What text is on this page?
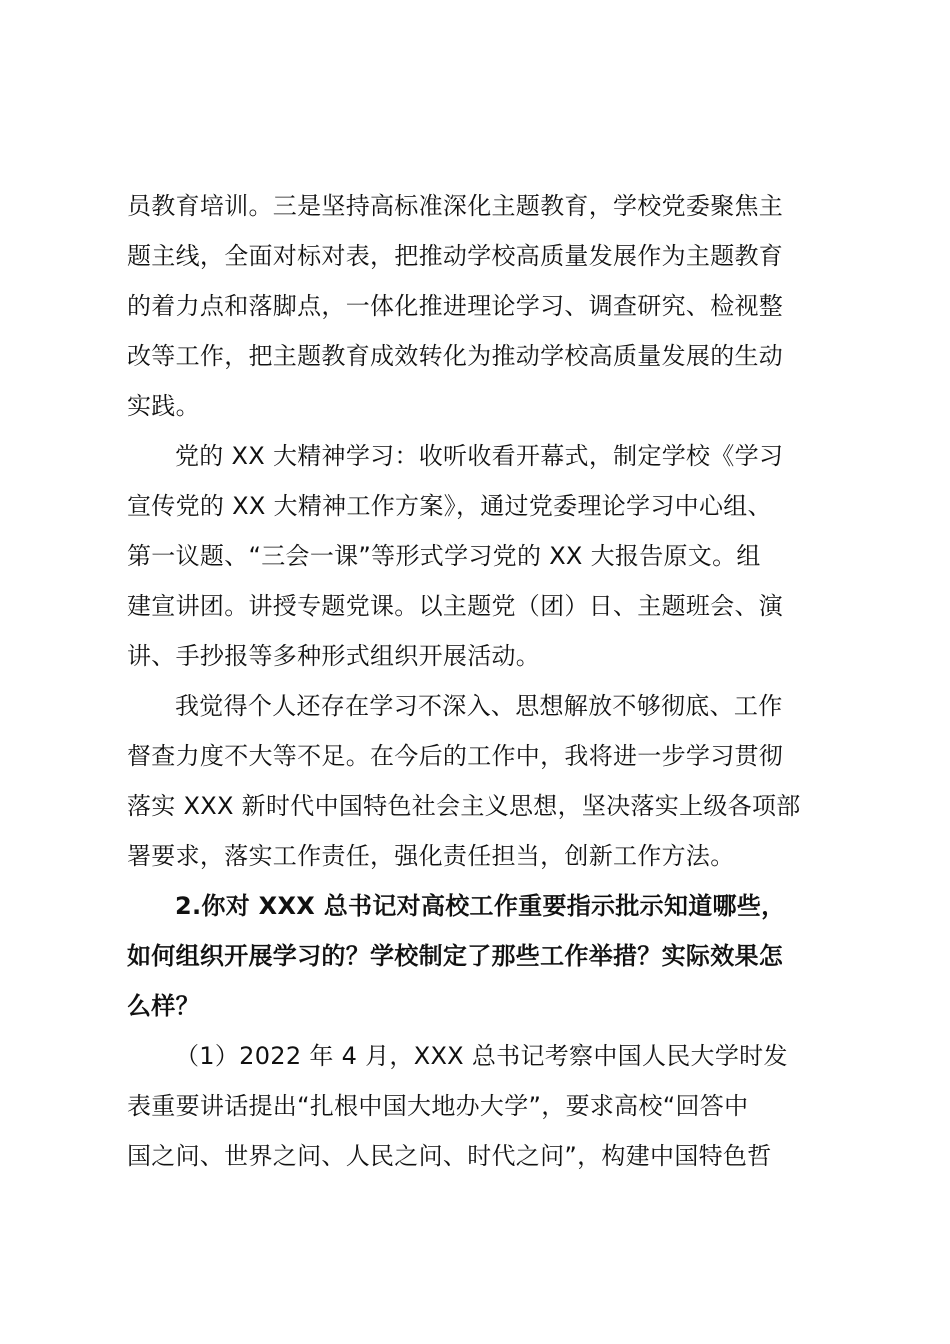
员教育培训。三是坚持高标准深化主题教育，学校党委聚焦主
题主线，全面对标对表，把推动学校高质量发展作为主题教育
的着力点和落脚点，一体化推进理论学习、调查研究、检视整
改等工作，把主题教育成效转化为推动学校高质量发展的生动
实践。
党的 XX 大精神学习：收听收看开幕式，制定学校《学习
宣传党的 XX 大精神工作方案》，通过党委理论学习中心组、
第一议题、“三会一课”等形式学习党的 XX 大报告原文。组
建宣讲团。讲授专题党课。以主题党（团）日、主题班会、演
讲、手抄报等多种形式组织开展活动。
我觉得个人还存在学习不深入、思想解放不够彻底、工作
督查力度不大等不足。在今后的工作中，我将进一步学习贯彻
落实 XXX 新时代中国特色社会主义思想，坚决落实上级各项部
署要求，落实工作责任，强化责任担当，创新工作方法。
2.你对 XXX 总书记对高校工作重要指示批示知道哪些，
如何组织开展学习的？学校制定了那些工作举措？实际效果怎
么样？
（1）2022 年 4 月，XXX 总书记考察中国人民大学时发
表重要讲话提出“扎根中国大地办大学”，要求高校“回答中
国之问、世界之问、人民之问、时代之问”，构建中国特色哲
